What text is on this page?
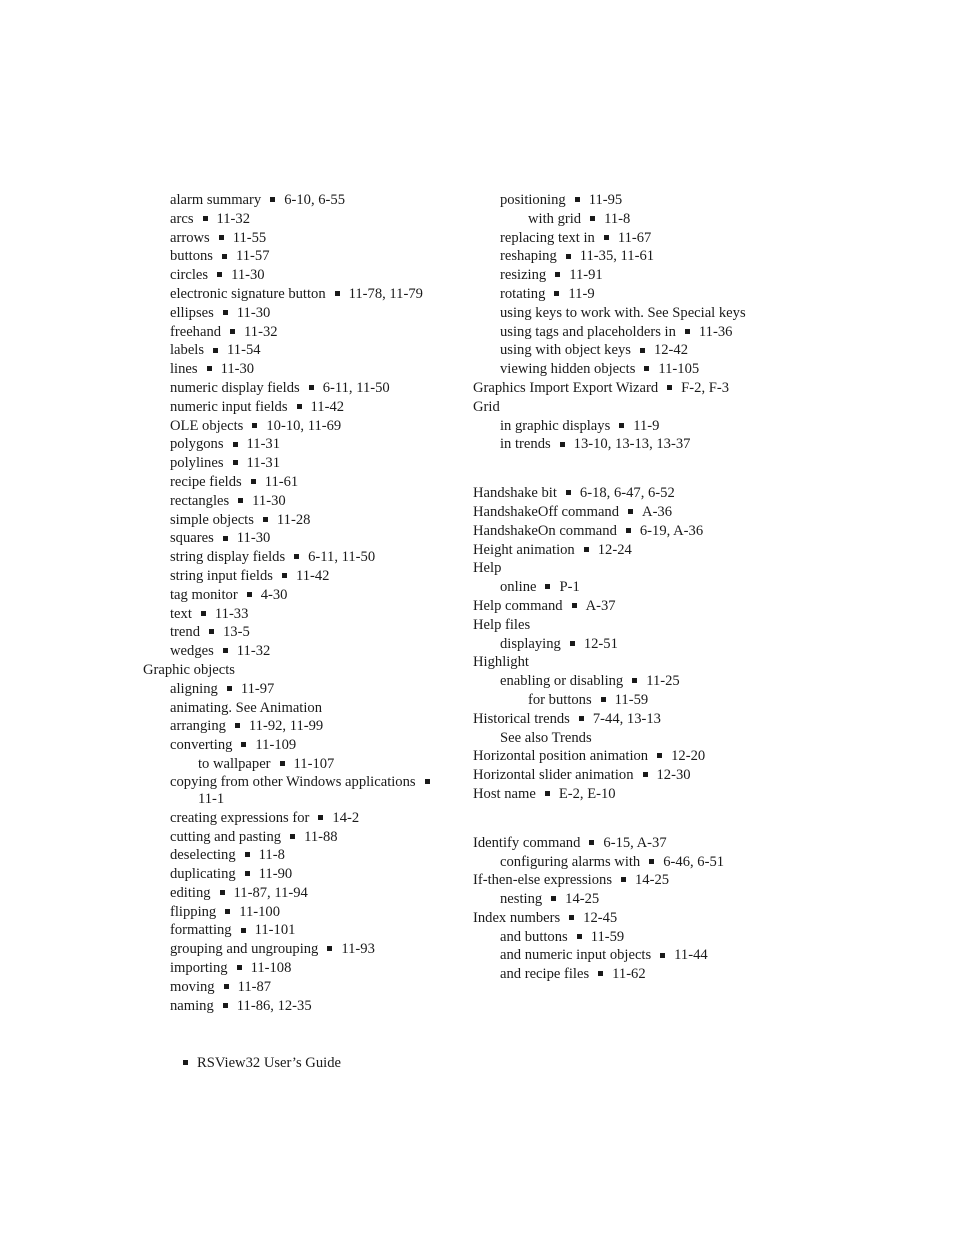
alarm summary 6-10, 6-55
arcs 11-32
arrows 11-55
buttons 11-57
circles 11-30
electronic signature button 11-78, 11-79
ellipses 11-30
freehand 11-32
labels 11-54
lines 11-30
numeric display fields 6-11, 11-50
numeric input fields 11-42
OLE objects 10-10, 11-69
polygons 11-31
polylines 11-31
recipe fields 11-61
rectangles 11-30
simple objects 11-28
squares 11-30
string display fields 6-11, 11-50
string input fields 11-42
tag monitor 4-30
text 11-33
trend 13-5
wedges 11-32
Graphic objects
aligning 11-97
animating. See Animation
arranging 11-92, 11-99
converting 11-109
to wallpaper 11-107
copying from other Windows applications
11-1
creating expressions for 14-2
cutting and pasting 11-88
deselecting 11-8
duplicating 11-90
editing 11-87, 11-94
flipping 11-100
formatting 11-101
grouping and ungrouping 11-93
importing 11-108
moving 11-87
naming 11-86, 12-35
positioning 11-95
with grid 11-8
replacing text in 11-67
reshaping 11-35, 11-61
resizing 11-91
rotating 11-9
using keys to work with. See Special keys
using tags and placeholders in 11-36
using with object keys 12-42
viewing hidden objects 11-105
Graphics Import Export Wizard F-2, F-3
Grid
in graphic displays 11-9
in trends 13-10, 13-13, 13-37
Handshake bit 6-18, 6-47, 6-52
HandshakeOff command A-36
HandshakeOn command 6-19, A-36
Height animation 12-24
Help
online P-1
Help command A-37
Help files
displaying 12-51
Highlight
enabling or disabling 11-25
for buttons 11-59
Historical trends 7-44, 13-13
See also Trends
Horizontal position animation 12-20
Horizontal slider animation 12-30
Host name E-2, E-10
Identify command 6-15, A-37
configuring alarms with 6-46, 6-51
If-then-else expressions 14-25
nesting 14-25
Index numbers 12-45
and buttons 11-59
and numeric input objects 11-44
and recipe files 11-62
RSView32 User’s Guide
